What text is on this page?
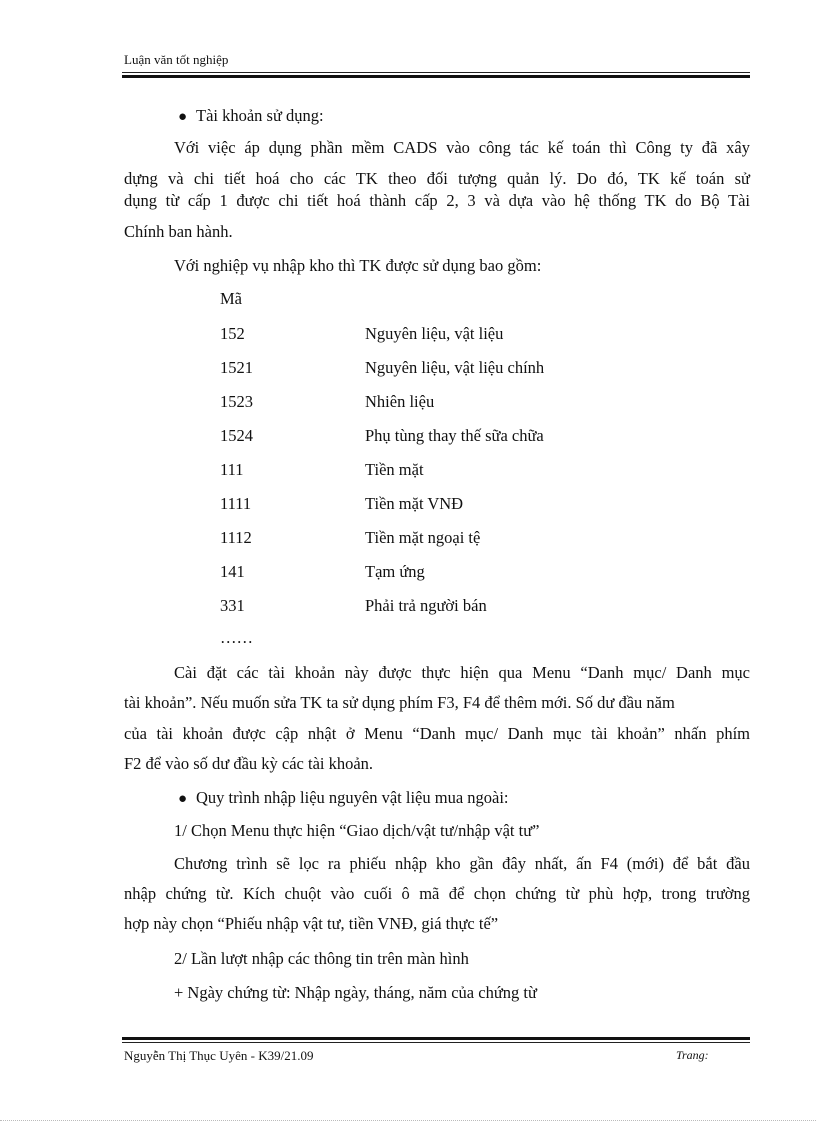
Luận văn tốt nghiệp
● Tài khoản sử dụng:
Với việc áp dụng phần mềm CADS vào công tác kế toán thì Công ty đã xây
dựng và chi tiết hoá cho các TK theo đối tượng quản lý. Do đó, TK kế toán sử
dụng từ cấp 1 được chi tiết hoá thành cấp 2, 3 và dựa vào hệ thống TK do Bộ Tài
Chính ban hành.
Với nghiệp vụ nhập kho thì TK được sử dụng bao gồm:
Mã
152	Nguyên liệu, vật liệu
1521	Nguyên liệu, vật liệu chính
1523	Nhiên liệu
1524	Phụ tùng thay thế sữa chữa
111	Tiền mặt
1111	Tiền mặt VNĐ
1112	Tiền mặt ngoại tệ
141	Tạm ứng
331	Phải trả người bán
……
Cài đặt các tài khoản này được thực hiện qua Menu “Danh mục/ Danh mục
tài khoản”. Nếu muốn sửa TK ta sử dụng phím F3, F4 để thêm mới. Số dư đầu năm
của tài khoản được cập nhật ở Menu “Danh mục/ Danh mục tài khoản” nhấn phím
F2 để vào số dư đầu kỳ các tài khoản.
● Quy trình nhập liệu nguyên vật liệu mua ngoài:
1/ Chọn Menu thực hiện “Giao dịch/vật tư/nhập vật tư”
Chương trình sẽ lọc ra phiếu nhập kho gần đây nhất, ấn F4 (mới) để bắt đầu
nhập chứng từ. Kích chuột vào cuối ô mã để chọn chứng từ phù hợp, trong trường
hợp này chọn “Phiếu nhập vật tư, tiền VNĐ, giá thực tế”
2/ Lần lượt nhập các thông tin trên màn hình
+ Ngày chứng từ: Nhập ngày, tháng, năm của chứng từ
Nguyễn Thị Thục Uyên - K39/21.09	Trang:
